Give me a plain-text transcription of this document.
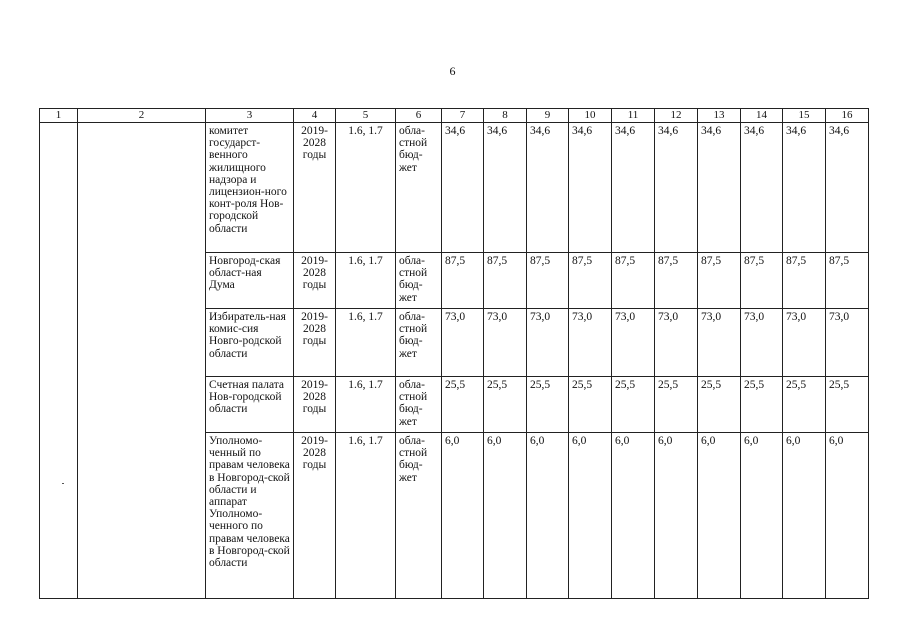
6
1	2	3	4	5	6	7	8	9	10	11	12	13	14	15	16
		комитет государст-венного жилищного надзора и лицензион-ного конт-роля Нов-городской области	2019-2028 годы	1.6, 1.7	обла-стной бюд-жет	34,6	34,6	34,6	34,6	34,6	34,6	34,6	34,6	34,6	34,6
		Новгород-ская област-ная Дума	2019-2028 годы	1.6, 1.7	обла-стной бюд-жет	87,5	87,5	87,5	87,5	87,5	87,5	87,5	87,5	87,5	87,5
		Избиратель-ная комис-сия Новго-родской области	2019-2028 годы	1.6, 1.7	обла-стной бюд-жет	73,0	73,0	73,0	73,0	73,0	73,0	73,0	73,0	73,0	73,0
		Счетная палата Нов-городской области	2019-2028 годы	1.6, 1.7	обла-стной бюд-жет	25,5	25,5	25,5	25,5	25,5	25,5	25,5	25,5	25,5	25,5
		Уполномо-ченный по правам человека в Новгород-ской области и аппарат Уполномо-ченного по правам человека в Новгород-ской области	2019-2028 годы	1.6, 1.7	обла-стной бюд-жет	6,0	6,0	6,0	6,0	6,0	6,0	6,0	6,0	6,0	6,0
